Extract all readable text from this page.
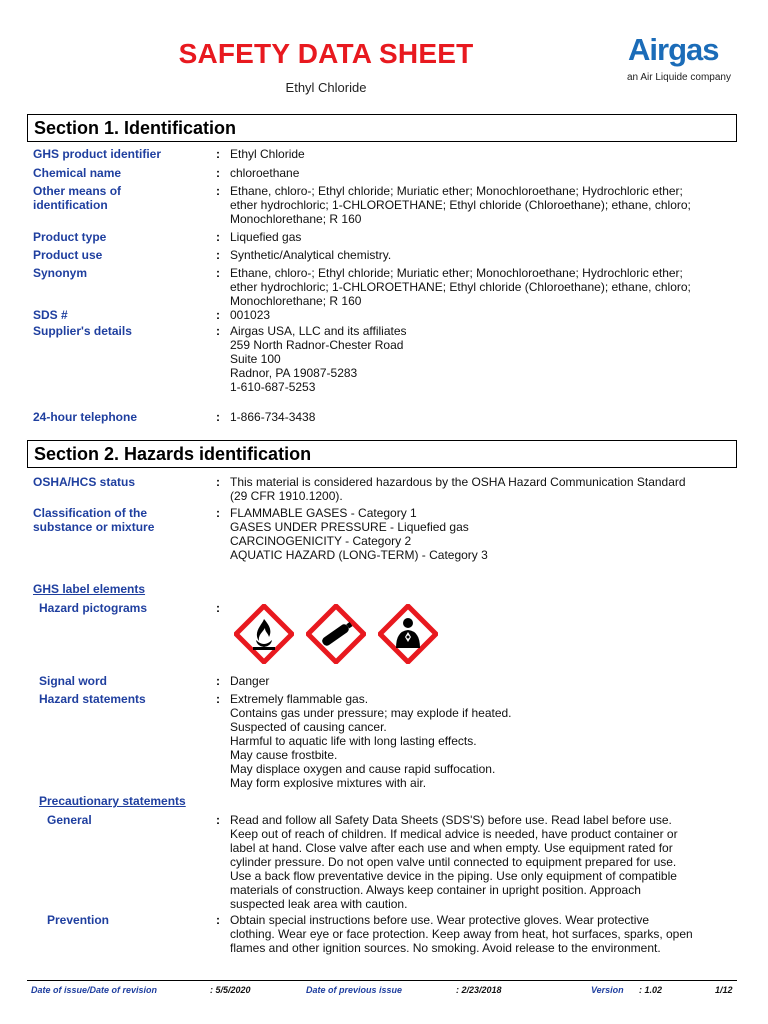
SAFETY DATA SHEET
Ethyl Chloride
Airgas
an Air Liquide company
Section 1. Identification
GHS product identifier	: Ethyl Chloride
Chemical name	: chloroethane
Other means of identification
: Ethane, chloro-; Ethyl chloride; Muriatic ether; Monochloroethane; Hydrochloric ether;
ether hydrochloric; 1-CHLOROETHANE; Ethyl chloride (Chloroethane); ethane, chloro;
Monochlorethane; R 160
Product type	: Liquefied gas
Product use	: Synthetic/Analytical chemistry.
Synonym	: Ethane, chloro-; Ethyl chloride; Muriatic ether; Monochloroethane; Hydrochloric ether;
ether hydrochloric; 1-CHLOROETHANE; Ethyl chloride (Chloroethane); ethane, chloro;
Monochlorethane; R 160
SDS #	: 001023
Supplier's details	: Airgas USA, LLC and its affiliates
259 North Radnor-Chester Road
Suite 100
Radnor, PA 19087-5283
1-610-687-5253
24-hour telephone	: 1-866-734-3438
Section 2. Hazards identification
OSHA/HCS status	: This material is considered hazardous by the OSHA Hazard Communication Standard
(29 CFR 1910.1200).
Classification of the substance or mixture
: FLAMMABLE GASES - Category 1
GASES UNDER PRESSURE - Liquefied gas
CARCINOGENICITY - Category 2
AQUATIC HAZARD (LONG-TERM) - Category 3
Hazard pictograms	:
Signal word	: Danger
Hazard statements	: Extremely flammable gas.
Contains gas under pressure; may explode if heated.
Suspected of causing cancer.
Harmful to aquatic life with long lasting effects.
May cause frostbite.
May displace oxygen and cause rapid suffocation.
May form explosive mixtures with air.
General	: Read and follow all Safety Data Sheets (SDS'S) before use. Read label before use.
Keep out of reach of children. If medical advice is needed, have product container or
label at hand. Close valve after each use and when empty. Use equipment rated for
cylinder pressure. Do not open valve until connected to equipment prepared for use.
Use a back flow preventative device in the piping. Use only equipment of compatible
materials of construction. Always keep container in upright position. Approach
suspected leak area with caution.
Prevention	: Obtain special instructions before use. Wear protective gloves. Wear protective
clothing. Wear eye or face protection. Keep away from heat, hot surfaces, sparks, open
flames and other ignition sources. No smoking. Avoid release to the environment.
GHS label elements
Precautionary statements
Date of issue/Date of revision	: 5/5/2020	Date of previous issue	: 2/23/2018	Version : 1.02	1/12
